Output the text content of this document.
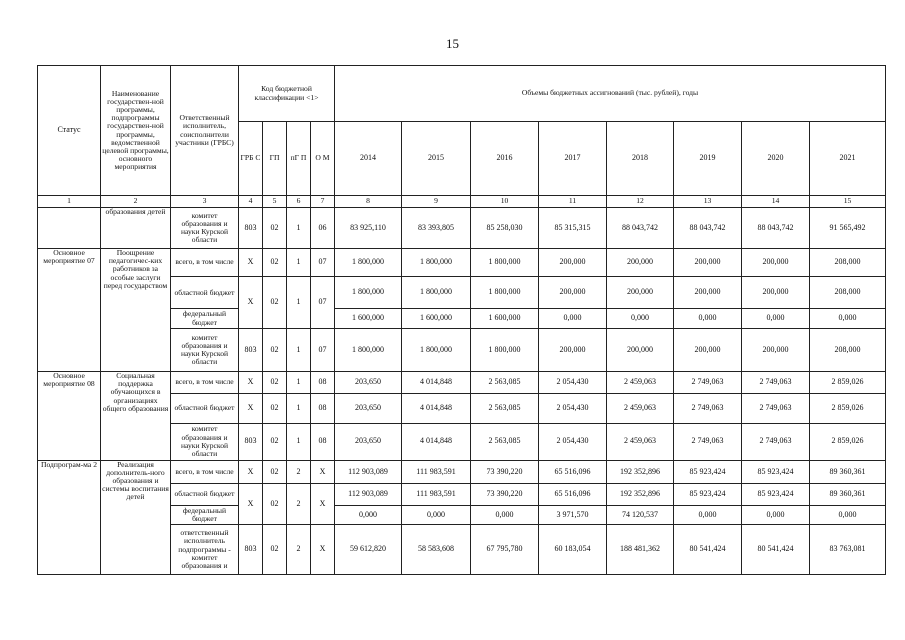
15
Статус	Наименование государствен-ной программы, подпрограммы государствен-ной программы, ведомственной целевой программы, основного мероприятия	Ответственный исполнитель, соисполнители участники (ГРБС)	Код бюджетной классификации <1>				Объемы бюджетных ассигнований (тыс. рублей), годы							
			ГРБ С	ГП	пГ П	О М	2014	2015	2016	2017	2018	2019	2020	2021
1	2	3	4	5	6	7	8	9	10	11	12	13	14	15
	образования детей	комитет образования и науки Курской области	803	02	1	06	83 925,110	83 393,805	85 258,030	85 315,315	88 043,742	88 043,742	88 043,742	91 565,492
Основное мероприятие 07	Поощрение педагогичес-ких работников за особые заслуги перед государством	всего, в том числе	Х	02	1	07	1 800,000	1 800,000	1 800,000	200,000	200,000	200,000	200,000	208,000
		областной бюджет	Х	02	1	07	1 800,000	1 800,000	1 800,000	200,000	200,000	200,000	200,000	208,000
		федеральный бюджет					1 600,000	1 600,000	1 600,000	0,000	0,000	0,000	0,000	0,000
		комитет образования и науки Курской области	803	02	1	07	1 800,000	1 800,000	1 800,000	200,000	200,000	200,000	200,000	208,000
Основное мероприятие 08	Социальная поддержка обучающихся в организациях общего образования	всего, в том числе	Х	02	1	08	203,650	4 014,848	2 563,085	2 054,430	2 459,063	2 749,063	2 749,063	2 859,026
		областной бюджет	Х	02	1	08	203,650	4 014,848	2 563,085	2 054,430	2 459,063	2 749,063	2 749,063	2 859,026
		комитет образования и науки Курской области	803	02	1	08	203,650	4 014,848	2 563,085	2 054,430	2 459,063	2 749,063	2 749,063	2 859,026
Подпрограм-ма 2	Реализация дополнитель-ного образования и системы воспитания детей	всего, в том числе	Х	02	2	Х	112 903,089	111 983,591	73 390,220	65 516,096	192 352,896	85 923,424	85 923,424	89 360,361
		областной бюджет	Х	02	2	Х	112 903,089	111 983,591	73 390,220	65 516,096	192 352,896	85 923,424	85 923,424	89 360,361
		федеральный бюджет					0,000	0,000	0,000	3 971,570	74 120,537	0,000	0,000	0,000
		ответственный исполнитель подпрограммы - комитет образования и	803	02	2	Х	59 612,820	58 583,608	67 795,780	60 183,054	188 481,362	80 541,424	80 541,424	83 763,081
